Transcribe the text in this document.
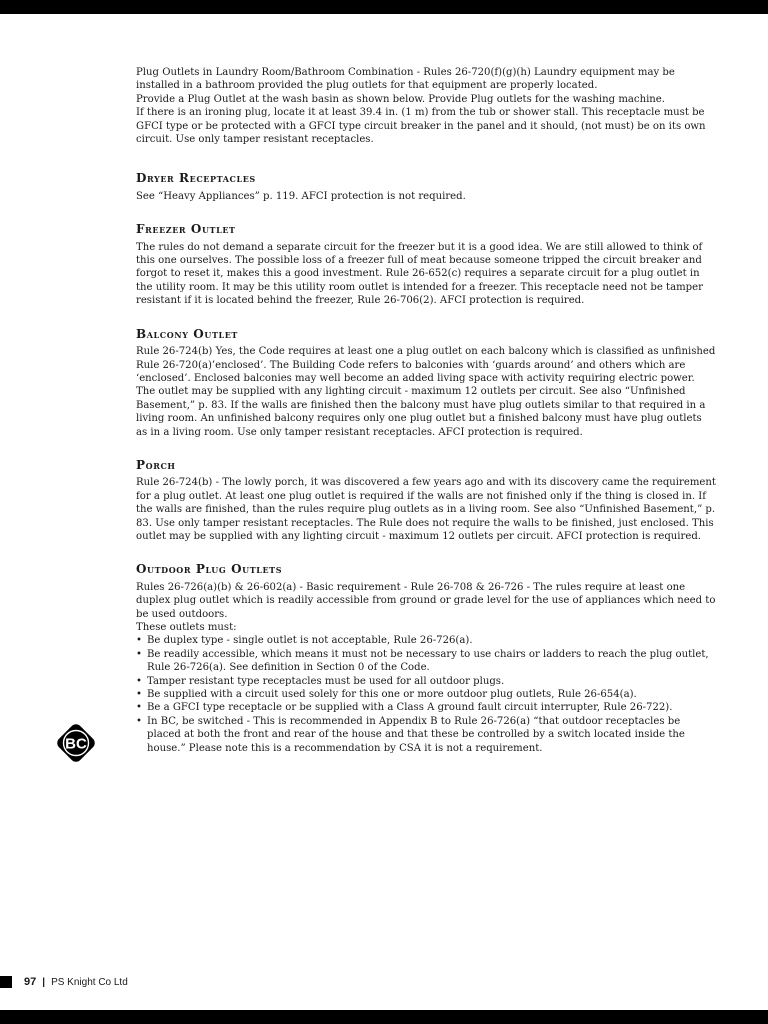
Plug Outlets in Laundry Room/Bathroom Combination - Rules 26-720(f)(g)(h) Laundry equipment may be installed in a bathroom provided the plug outlets for that equipment are properly located.

Provide a Plug Outlet at the wash basin as shown below. Provide Plug outlets for the washing machine.

If there is an ironing plug, locate it at least 39.4 in. (1 m) from the tub or shower stall. This receptacle must be GFCI type or be protected with a GFCI type circuit breaker in the panel and it should, (not must) be on its own circuit. Use only tamper resistant receptacles.

Dryer Receptacles

See “Heavy Appliances” p. 119. AFCI protection is not required.

Freezer Outlet

The rules do not demand a separate circuit for the freezer but it is a good idea. We are still allowed to think of this one ourselves. The possible loss of a freezer full of meat because someone tripped the circuit breaker and forgot to reset it, makes this a good investment. Rule 26-652(c) requires a separate circuit for a plug outlet in the utility room. It may be this utility room outlet is intended for a freezer. This receptacle need not be tamper resistant if it is located behind the freezer, Rule 26-706(2). AFCI protection is required.

Balcony Outlet

Rule 26-724(b) Yes, the Code requires at least one a plug outlet on each balcony which is classified as unfinished Rule 26-720(a)’enclosed’. The Building Code refers to balconies with ‘guards around’ and others which are ‘enclosed’. Enclosed balconies may well become an added living space with activity requiring electric power. The outlet may be supplied with any lighting circuit - maximum 12 outlets per circuit. See also “Unfinished Basement,” p. 83. If the walls are finished then the balcony must have plug outlets similar to that required in a living room. An unfinished balcony requires only one plug outlet but a finished balcony must have plug outlets as in a living room. Use only tamper resistant receptacles. AFCI protection is required.

Porch

Rule 26-724(b) - The lowly porch, it was discovered a few years ago and with its discovery came the requirement for a plug outlet. At least one plug outlet is required if the walls are not finished only if the thing is closed in. If the walls are finished, than the rules require plug outlets as in a living room. See also “Unfinished Basement,” p. 83. Use only tamper resistant receptacles. The Rule does not require the walls to be finished, just enclosed. This outlet may be supplied with any lighting circuit - maximum 12 outlets per circuit. AFCI protection is required.

Outdoor Plug Outlets

Rules 26-726(a)(b) & 26-602(a) - Basic requirement - Rule 26-708 & 26-726 - The rules require at least one duplex plug outlet which is readily accessible from ground or grade level for the use of appliances which need to be used outdoors.

These outlets must:

• Be duplex type - single outlet is not acceptable, Rule 26-726(a).
• Be readily accessible, which means it must not be necessary to use chairs or ladders to reach the plug outlet, Rule 26-726(a). See definition in Section 0 of the Code.
• Tamper resistant type receptacles must be used for all outdoor plugs.
• Be supplied with a circuit used solely for this one or more outdoor plug outlets, Rule 26-654(a).
• Be a GFCI type receptacle or be supplied with a Class A ground fault circuit interrupter, Rule 26-722).
• In BC, be switched - This is recommended in Appendix B to Rule 26-726(a) “that outdoor receptacles be placed at both the front and rear of the house and that these be controlled by a switch located inside the house.” Please note this is a recommendation by CSA it is not a requirement.
BC
97 | PS Knight Co Ltd
